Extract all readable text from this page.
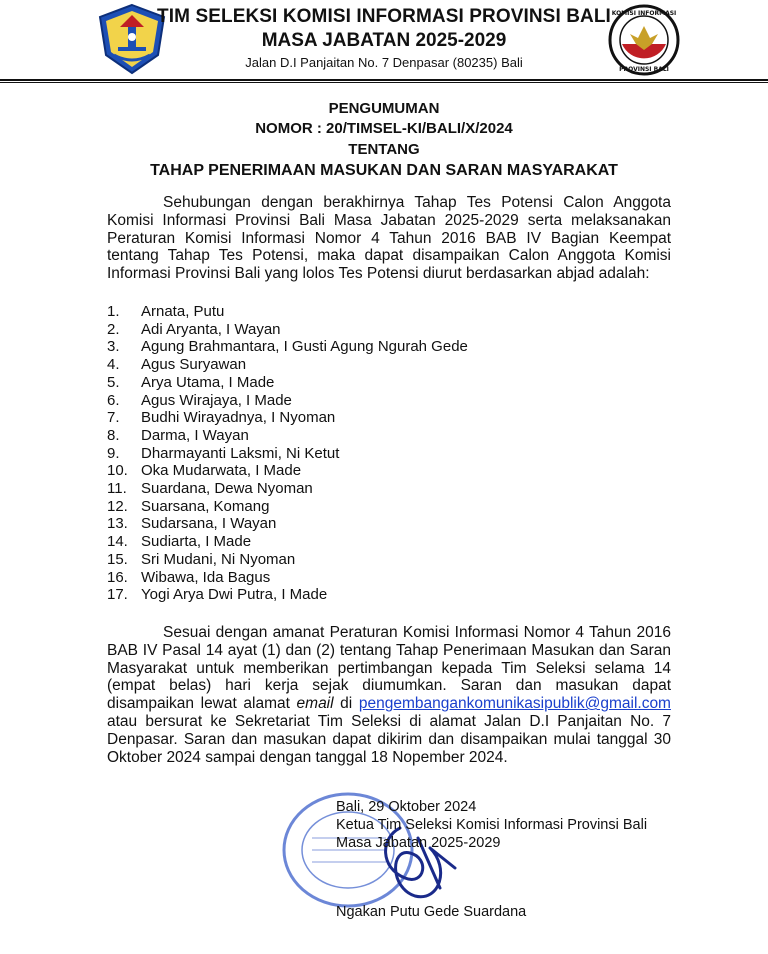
KOMISI INFORMASI
PROVINSI BALI
TIM SELEKSI KOMISI INFORMASI PROVINSI BALI
MASA JABATAN 2025-2029
Jalan D.I Panjaitan No. 7 Denpasar (80235) Bali
PENGUMUMAN
NOMOR : 20/TIMSEL-KI/BALI/X/2024
TENTANG
TAHAP PENERIMAAN MASUKAN DAN SARAN MASYARAKAT
Sehubungan dengan berakhirnya Tahap Tes Potensi Calon Anggota Komisi Informasi Provinsi Bali Masa Jabatan 2025-2029 serta melaksanakan Peraturan Komisi Informasi Nomor 4 Tahun 2016 BAB IV Bagian Keempat tentang Tahap Tes Potensi, maka dapat disampaikan Calon Anggota Komisi Informasi Provinsi Bali yang lolos Tes Potensi diurut berdasarkan abjad adalah:
1.	Arnata, Putu
2.	Adi Aryanta, I Wayan
3.	Agung Brahmantara, I Gusti Agung Ngurah Gede
4.	Agus Suryawan
5.	Arya Utama, I Made
6.	Agus Wirajaya, I Made
7.	Budhi Wirayadnya, I Nyoman
8.	Darma, I Wayan
9.	Dharmayanti Laksmi, Ni Ketut
10. Oka Mudarwata, I Made
11. Suardana, Dewa Nyoman
12. Suarsana, Komang
13. Sudarsana, I Wayan
14. Sudiarta, I Made
15. Sri Mudani, Ni Nyoman
16. Wibawa, Ida Bagus
17. Yogi Arya Dwi Putra, I Made
Sesuai dengan amanat Peraturan Komisi Informasi Nomor 4 Tahun 2016 BAB IV Pasal 14 ayat (1) dan (2) tentang Tahap Penerimaan Masukan dan Saran Masyarakat untuk memberikan pertimbangan kepada Tim Seleksi selama 14 (empat belas) hari kerja sejak diumumkan. Saran dan masukan dapat disampaikan lewat alamat email di pengembangankomunikasipublik@gmail.com atau bersurat ke Sekretariat Tim Seleksi di alamat Jalan D.I Panjaitan No. 7 Denpasar. Saran dan masukan dapat dikirim dan disampaikan mulai tanggal 30 Oktober 2024 sampai dengan tanggal 18 Nopember 2024.
Bali, 29 Oktober 2024
Ketua Tim Seleksi Komisi Informasi Provinsi Bali
Masa Jabatan 2025-2029
Ngakan Putu Gede Suardana
